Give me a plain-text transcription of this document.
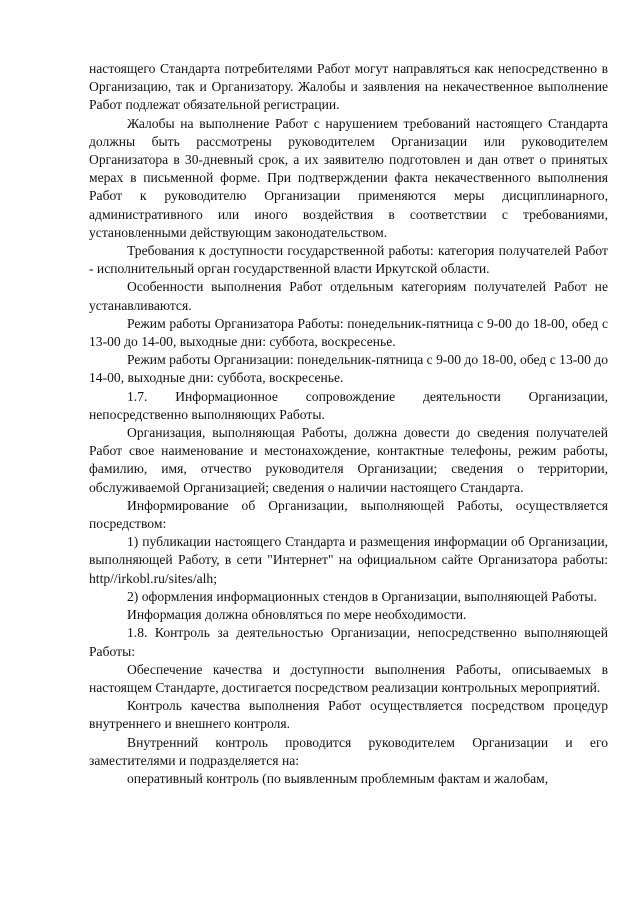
настоящего Стандарта потребителями Работ могут направляться как непосредственно в Организацию, так и Организатору. Жалобы и заявления на некачественное выполнение Работ подлежат обязательной регистрации.

Жалобы на выполнение Работ с нарушением требований настоящего Стандарта должны быть рассмотрены руководителем Организации или руководителем Организатора в 30-дневный срок, а их заявителю подготовлен и дан ответ о принятых мерах в письменной форме. При подтверждении факта некачественного выполнения Работ к руководителю Организации применяются меры дисциплинарного, административного или иного воздействия в соответствии с требованиями, установленными действующим законодательством.

Требования к доступности государственной работы: категория получателей Работ - исполнительный орган государственной власти Иркутской области.

Особенности выполнения Работ отдельным категориям получателей Работ не устанавливаются.

Режим работы Организатора Работы: понедельник-пятница с 9-00 до 18-00, обед с 13-00 до 14-00, выходные дни: суббота, воскресенье.

Режим работы Организации: понедельник-пятница с 9-00 до 18-00, обед с 13-00 до 14-00, выходные дни: суббота, воскресенье.

1.7. Информационное сопровождение деятельности Организации, непосредственно выполняющих Работы.

Организация, выполняющая Работы, должна довести до сведения получателей Работ свое наименование и местонахождение, контактные телефоны, режим работы, фамилию, имя, отчество руководителя Организации; сведения о территории, обслуживаемой Организацией; сведения о наличии настоящего Стандарта.

Информирование об Организации, выполняющей Работы, осуществляется посредством:

1) публикации настоящего Стандарта и размещения информации об Организации, выполняющей Работу, в сети "Интернет" на официальном сайте Организатора работы: http//irkobl.ru/sites/alh;

2) оформления информационных стендов в Организации, выполняющей Работы.

Информация должна обновляться по мере необходимости.

1.8. Контроль за деятельностью Организации, непосредственно выполняющей Работы:

Обеспечение качества и доступности выполнения Работы, описываемых в настоящем Стандарте, достигается посредством реализации контрольных мероприятий.

Контроль качества выполнения Работ осуществляется посредством процедур внутреннего и внешнего контроля.

Внутренний контроль проводится руководителем Организации и его заместителями и подразделяется на:

оперативный контроль (по выявленным проблемным фактам и жалобам,
